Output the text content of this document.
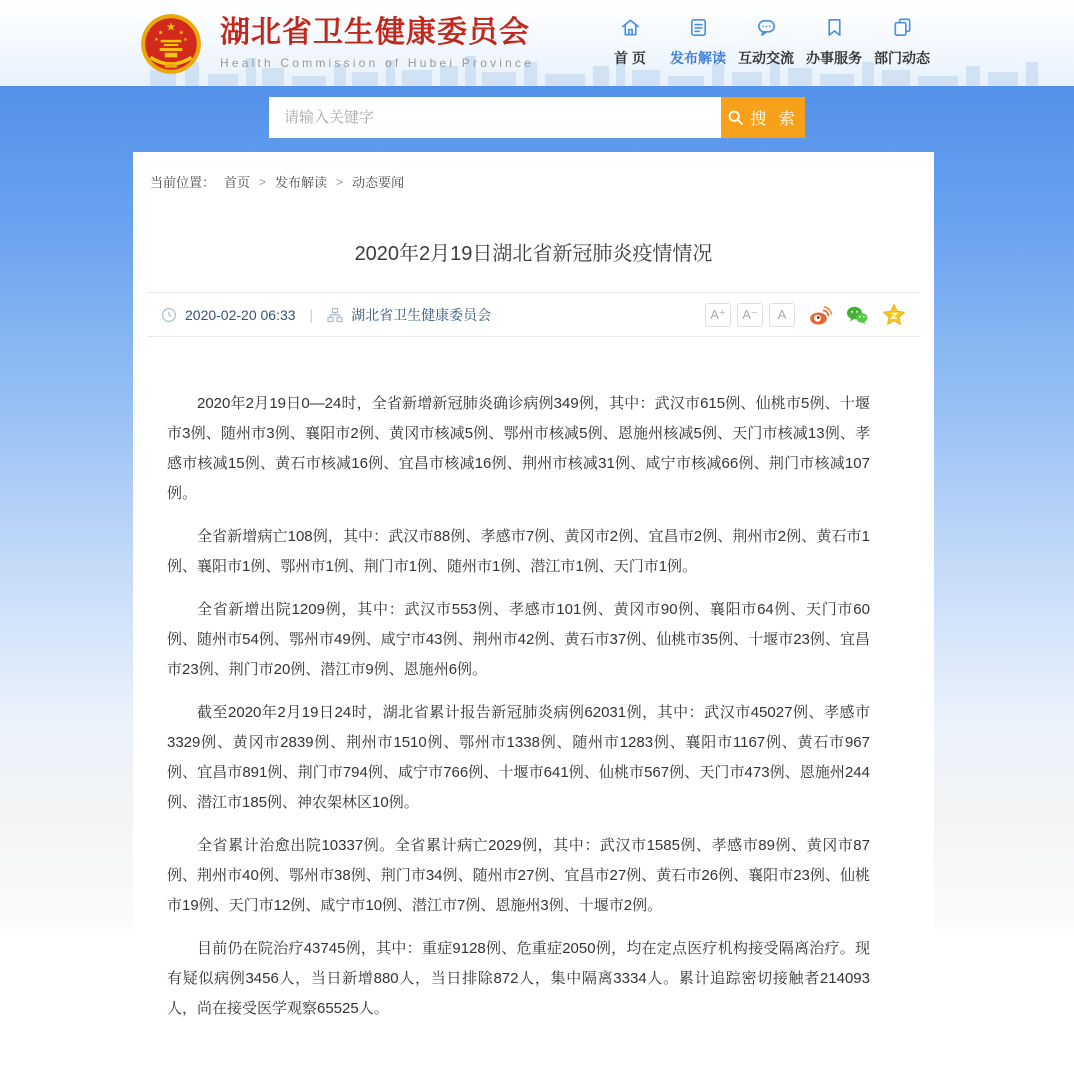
★
★	★
★	★ 湖北省卫生健康委员会
Health Commission of Hubei Province	首 页 发布解读 互动交流 办事服务 部门动态
请输入关键字
搜 索
当前位置： 首页 > 发布解读 > 动态要闻
2020年2月19日湖北省新冠肺炎疫情情况
2020-02-20 06:33	|	湖北省卫生健康委员会	A⁺	A⁻	A

2020年2月19日0—24时，全省新增新冠肺炎确诊病例349例，其中：武汉市615例、仙桃市5例、十堰市3例、随州市3例、襄阳市2例、黄冈市核减5例、鄂州市核减5例、恩施州核减5例、天门市核减13例、孝感市核减15例、黄石市核减16例、宜昌市核减16例、荆州市核减31例、咸宁市核减66例、荆门市核减107例。

全省新增病亡108例，其中：武汉市88例、孝感市7例、黄冈市2例、宜昌市2例、荆州市2例、黄石市1例、襄阳市1例、鄂州市1例、荆门市1例、随州市1例、潜江市1例、天门市1例。

全省新增出院1209例，其中：武汉市553例、孝感市101例、黄冈市90例、襄阳市64例、天门市60例、随州市54例、鄂州市49例、咸宁市43例、荆州市42例、黄石市37例、仙桃市35例、十堰市23例、宜昌市23例、荆门市20例、潜江市9例、恩施州6例。

截至2020年2月19日24时，湖北省累计报告新冠肺炎病例62031例，其中：武汉市45027例、孝感市3329例、黄冈市2839例、荆州市1510例、鄂州市1338例、随州市1283例、襄阳市1167例、黄石市967例、宜昌市891例、荆门市794例、咸宁市766例、十堰市641例、仙桃市567例、天门市473例、恩施州244例、潜江市185例、神农架林区10例。

全省累计治愈出院10337例。全省累计病亡2029例，其中：武汉市1585例、孝感市89例、黄冈市87例、荆州市40例、鄂州市38例、荆门市34例、随州市27例、宜昌市27例、黄石市26例、襄阳市23例、仙桃市19例、天门市12例、咸宁市10例、潜江市7例、恩施州3例、十堰市2例。

目前仍在院治疗43745例，其中：重症9128例、危重症2050例，均在定点医疗机构接受隔离治疗。现有疑似病例3456人，当日新增880人，当日排除872人，集中隔离3334人。累计追踪密切接触者214093人，尚在接受医学观察65525人。
